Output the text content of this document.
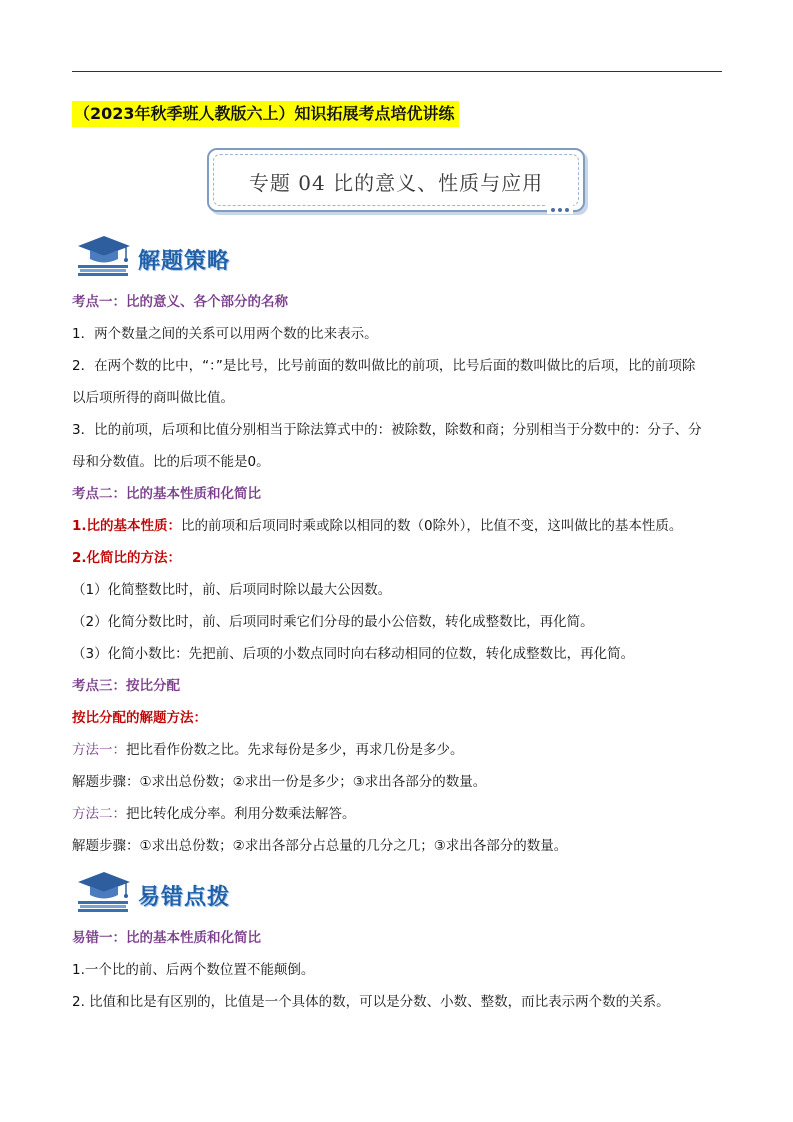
（2023年秋季班人教版六上）知识拓展考点培优讲练
专题 04 比的意义、性质与应用
解题策略
考点一：比的意义、各个部分的名称
1．两个数量之间的关系可以用两个数的比来表示。
2．在两个数的比中，“：”是比号，比号前面的数叫做比的前项，比号后面的数叫做比的后项，比的前项除
以后项所得的商叫做比值。
3．比的前项，后项和比值分别相当于除法算式中的：被除数，除数和商；分别相当于分数中的：分子、分
母和分数值。比的后项不能是0。
考点二：比的基本性质和化简比
1.比的基本性质：比的前项和后项同时乘或除以相同的数（0除外），比值不变，这叫做比的基本性质。
2.化简比的方法：
（1）化简整数比时，前、后项同时除以最大公因数。
（2）化简分数比时，前、后项同时乘它们分母的最小公倍数，转化成整数比，再化简。
（3）化简小数比：先把前、后项的小数点同时向右移动相同的位数，转化成整数比，再化简。
考点三：按比分配
按比分配的解题方法：
方法一：把比看作份数之比。先求每份是多少，再求几份是多少。
解题步骤：①求出总份数；②求出一份是多少；③求出各部分的数量。
方法二：把比转化成分率。利用分数乘法解答。
解题步骤：①求出总份数；②求出各部分占总量的几分之几；③求出各部分的数量。
易错点拨
易错一：比的基本性质和化简比
1.一个比的前、后两个数位置不能颠倒。
2. 比值和比是有区别的，比值是一个具体的数，可以是分数、小数、整数，而比表示两个数的关系。
